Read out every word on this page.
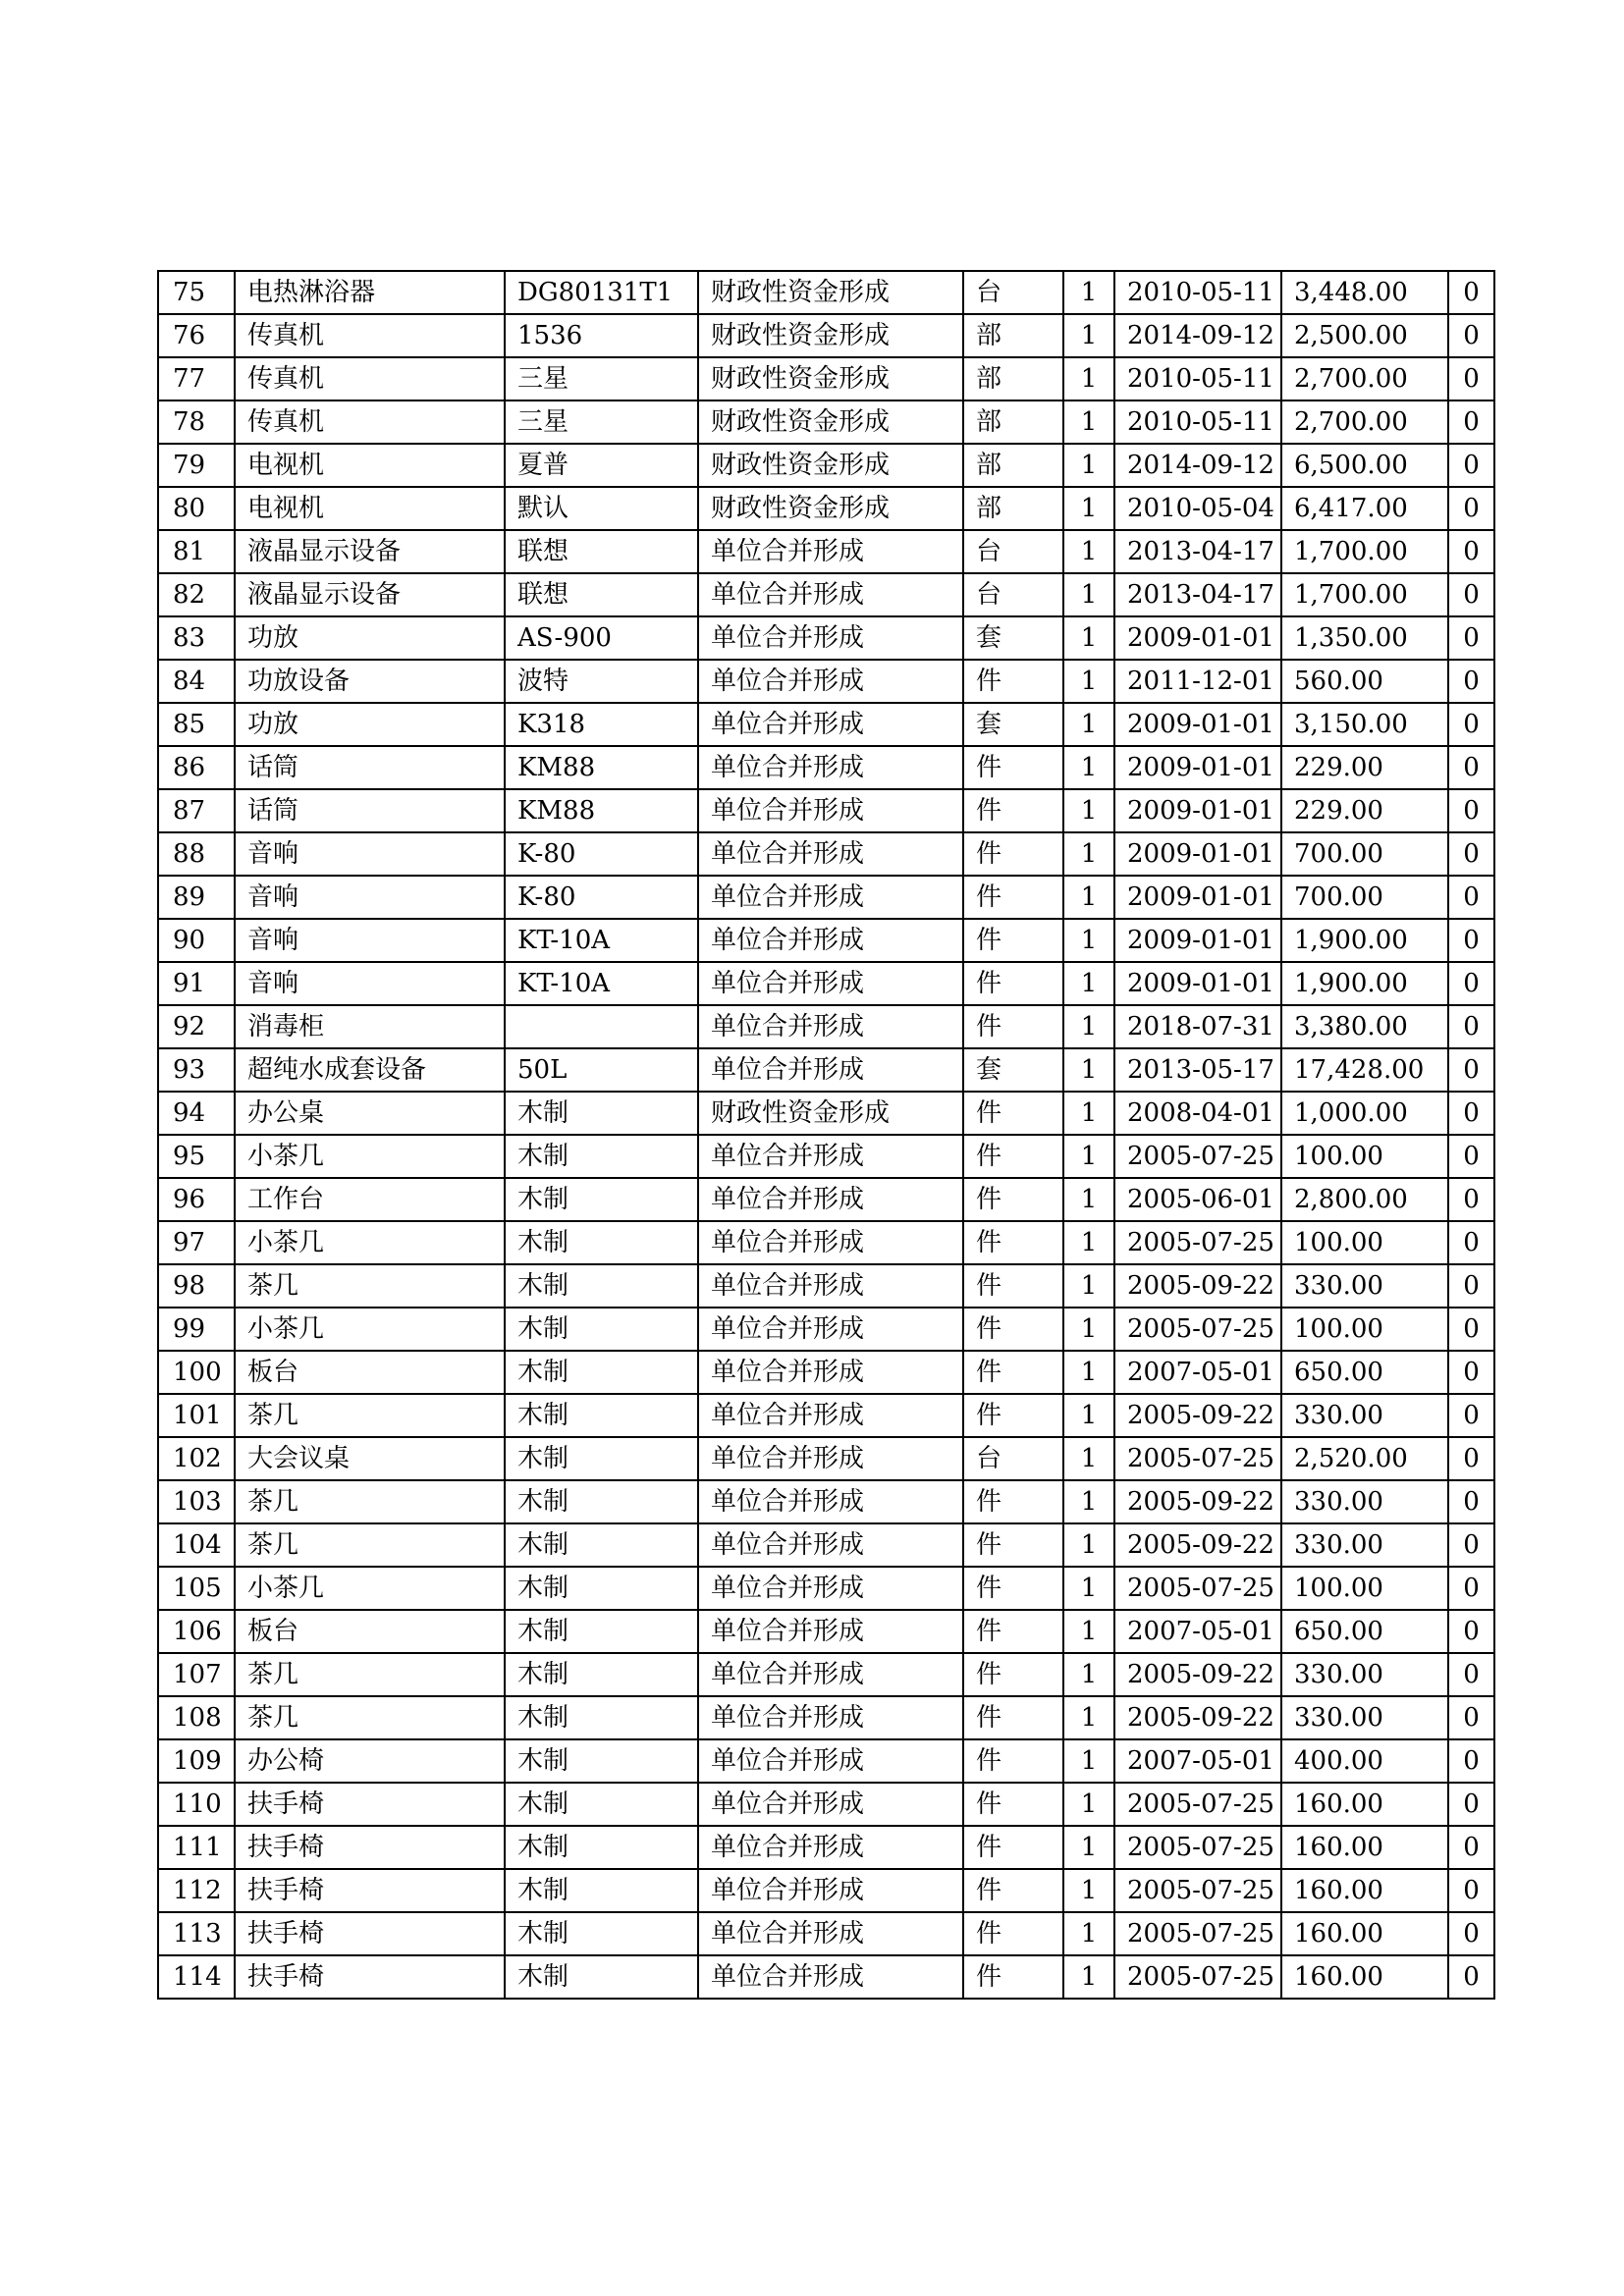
75	电热淋浴器	DG80131T1	财政性资金形成	台	1	2010-05-11	3,448.00	0
76	传真机	1536	财政性资金形成	部	1	2014-09-12	2,500.00	0
77	传真机	三星	财政性资金形成	部	1	2010-05-11	2,700.00	0
78	传真机	三星	财政性资金形成	部	1	2010-05-11	2,700.00	0
79	电视机	夏普	财政性资金形成	部	1	2014-09-12	6,500.00	0
80	电视机	默认	财政性资金形成	部	1	2010-05-04	6,417.00	0
81	液晶显示设备	联想	单位合并形成	台	1	2013-04-17	1,700.00	0
82	液晶显示设备	联想	单位合并形成	台	1	2013-04-17	1,700.00	0
83	功放	AS-900	单位合并形成	套	1	2009-01-01	1,350.00	0
84	功放设备	波特	单位合并形成	件	1	2011-12-01	560.00	0
85	功放	K318	单位合并形成	套	1	2009-01-01	3,150.00	0
86	话筒	KM88	单位合并形成	件	1	2009-01-01	229.00	0
87	话筒	KM88	单位合并形成	件	1	2009-01-01	229.00	0
88	音响	K-80	单位合并形成	件	1	2009-01-01	700.00	0
89	音响	K-80	单位合并形成	件	1	2009-01-01	700.00	0
90	音响	KT-10A	单位合并形成	件	1	2009-01-01	1,900.00	0
91	音响	KT-10A	单位合并形成	件	1	2009-01-01	1,900.00	0
92	消毒柜		单位合并形成	件	1	2018-07-31	3,380.00	0
93	超纯水成套设备	50L	单位合并形成	套	1	2013-05-17	17,428.00	0
94	办公桌	木制	财政性资金形成	件	1	2008-04-01	1,000.00	0
95	小茶几	木制	单位合并形成	件	1	2005-07-25	100.00	0
96	工作台	木制	单位合并形成	件	1	2005-06-01	2,800.00	0
97	小茶几	木制	单位合并形成	件	1	2005-07-25	100.00	0
98	茶几	木制	单位合并形成	件	1	2005-09-22	330.00	0
99	小茶几	木制	单位合并形成	件	1	2005-07-25	100.00	0
100	板台	木制	单位合并形成	件	1	2007-05-01	650.00	0
101	茶几	木制	单位合并形成	件	1	2005-09-22	330.00	0
102	大会议桌	木制	单位合并形成	台	1	2005-07-25	2,520.00	0
103	茶几	木制	单位合并形成	件	1	2005-09-22	330.00	0
104	茶几	木制	单位合并形成	件	1	2005-09-22	330.00	0
105	小茶几	木制	单位合并形成	件	1	2005-07-25	100.00	0
106	板台	木制	单位合并形成	件	1	2007-05-01	650.00	0
107	茶几	木制	单位合并形成	件	1	2005-09-22	330.00	0
108	茶几	木制	单位合并形成	件	1	2005-09-22	330.00	0
109	办公椅	木制	单位合并形成	件	1	2007-05-01	400.00	0
110	扶手椅	木制	单位合并形成	件	1	2005-07-25	160.00	0
111	扶手椅	木制	单位合并形成	件	1	2005-07-25	160.00	0
112	扶手椅	木制	单位合并形成	件	1	2005-07-25	160.00	0
113	扶手椅	木制	单位合并形成	件	1	2005-07-25	160.00	0
114	扶手椅	木制	单位合并形成	件	1	2005-07-25	160.00	0
